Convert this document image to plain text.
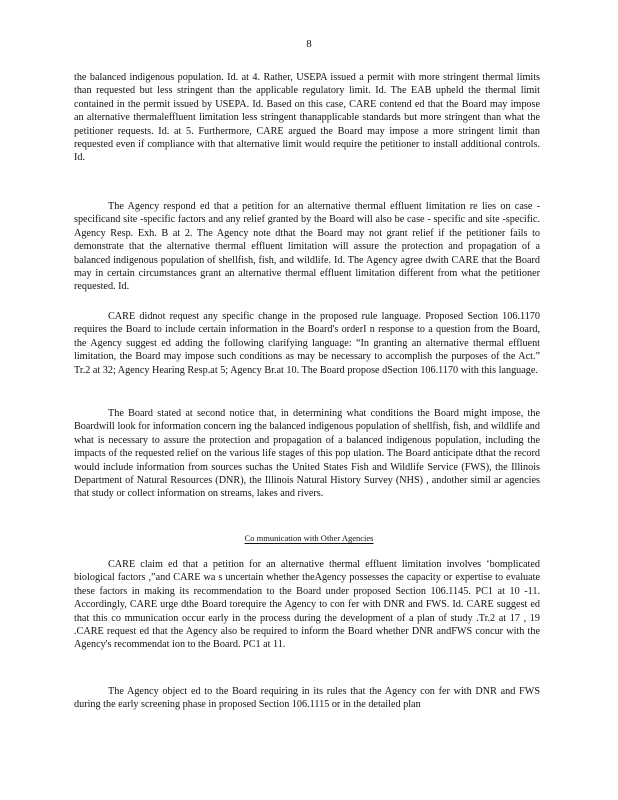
8

the balanced indigenous population. Id. at 4. Rather, USEPA issued a permit with more stringent thermal limits than requested but less stringent than the applicable regulatory limit. Id. The EAB upheld the thermal limit contained in the permit issued by USEPA. Id. Based on this case, CARE contend ed that the Board may impose an alternative thermaleffluent limitation less stringent thanapplicable standards but more stringent than what the petitioner requests. Id. at 5. Furthermore, CARE argued the Board may impose a more stringent limit than requested even if compliance with that alternative limit would require the petitioner to install additional controls. Id.

The Agency respond ed that a petition for an alternative thermal effluent limitation re lies on case -specificand site -specific factors and any relief granted by the Board will also be case - specific and site -specific. Agency Resp. Exh. B at 2. The Agency note dthat the Board may not grant relief if the petitioner fails to demonstrate that the alternative thermal effluent limitation will assure the protection and propagation of a balanced indigenous population of shellfish, fish, and wildlife. Id. The Agency agree dwith CARE that the Board may in certain circumstances grant an alternative thermal effluent limitation different from what the petitioner requested. Id.

CARE didnot request any specific change in the proposed rule language. Proposed Section 106.1170 requires the Board to include certain information in the Board's orderI n response to a question from the Board, the Agency suggest ed adding the following clarifying language: “In granting an alternative thermal effluent limitation, the Board may impose such conditions as may be necessary to accomplish the purposes of the Act.” Tr.2 at 32; Agency Hearing Resp.at 5; Agency Br.at 10. The Board propose dSection 106.1170 with this language.

The Board stated at second notice that, in determining what conditions the Board might impose, the Boardwill look for information concern ing the balanced indigenous population of shellfish, fish, and wildlife and what is necessary to assure the protection and propagation of a balanced indigenous population, including the impacts of the requested relief on the various life stages of this pop ulation. The Board anticipate dthat the record would include information from sources suchas the United States Fish and Wildlife Service (FWS), the Illinois Department of Natural Resources (DNR), the Illinois Natural History Survey (NHS) , andother simil ar agencies that study or collect information on streams, lakes and rivers.

Co mmunication with Other Agencies

CARE claim ed that a petition for an alternative thermal effluent limitation involves ‘bomplicated biological factors ,”and CARE wa s uncertain whether theAgency possesses the capacity or expertise to evaluate these factors in making its recommendation to the Board under proposed Section 106.1145. PC1 at 10 -11. Accordingly, CARE urge dthe Board torequire the Agency to con fer with DNR and FWS. Id. CARE suggest ed that this co mmunication occur early in the process during the development of a plan of study .Tr.2 at 17 , 19 .CARE request ed that the Agency also be required to inform the Board whether DNR andFWS concur with the Agency's recommendat ion to the Board. PC1 at 11.

The Agency object ed to the Board requiring in its rules that the Agency con fer with DNR and FWS during the early screening phase in proposed Section 106.1115 or in the detailed plan
